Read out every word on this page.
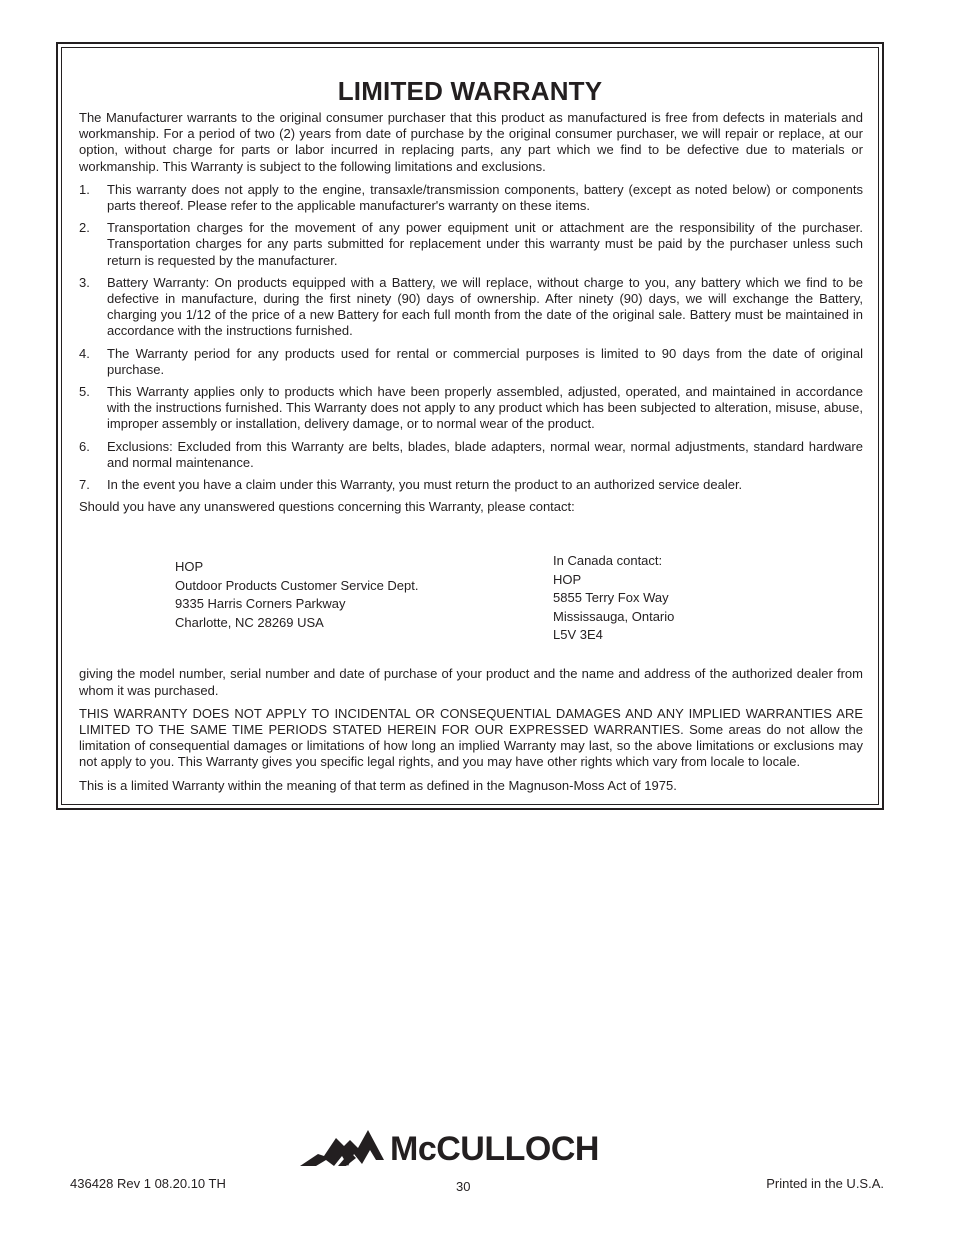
LIMITED WARRANTY

The Manufacturer warrants to the original consumer purchaser that this product as manufactured is free from defects in materials and workmanship. For a period of two (2) years from date of purchase by the original consumer purchaser, we will repair or replace, at our option, without charge for parts or labor incurred in replacing parts, any part which we find to be defective due to materials or workmanship. This Warranty is subject to the following limitations and exclusions.

1. This warranty does not apply to the engine, transaxle/transmission components, battery (except as noted below) or components parts thereof. Please refer to the applicable manufacturer's warranty on these items.
2. Transportation charges for the movement of any power equipment unit or attachment are the responsibility of the purchaser. Transportation charges for any parts submitted for replacement under this warranty must be paid by the purchaser unless such return is requested by the manufacturer.
3. Battery Warranty: On products equipped with a Battery, we will replace, without charge to you, any battery which we find to be defective in manufacture, during the first ninety (90) days of ownership. After ninety (90) days, we will exchange the Battery, charging you 1/12 of the price of a new Battery for each full month from the date of the original sale. Battery must be maintained in accordance with the instructions furnished.
4. The Warranty period for any products used for rental or commercial purposes is limited to 90 days from the date of original purchase.
5. This Warranty applies only to products which have been properly assembled, adjusted, operated, and maintained in accordance with the instructions furnished. This Warranty does not apply to any product which has been subjected to alteration, misuse, abuse, improper assembly or installation, delivery damage, or to normal wear of the product.
6. Exclusions: Excluded from this Warranty are belts, blades, blade adapters, normal wear, normal adjustments, standard hardware and normal maintenance.
7. In the event you have a claim under this Warranty, you must return the product to an authorized service dealer.

Should you have any unanswered questions concerning this Warranty, please contact:

HOP
Outdoor Products Customer Service Dept.
9335 Harris Corners Parkway
Charlotte, NC 28269 USA
In Canada contact:
HOP
5855 Terry Fox Way
Mississauga, Ontario
L5V 3E4

giving the model number, serial number and date of purchase of your product and the name and address of the authorized dealer from whom it was purchased.

THIS WARRANTY DOES NOT APPLY TO INCIDENTAL OR CONSEQUENTIAL DAMAGES AND ANY IMPLIED WARRANTIES ARE LIMITED TO THE SAME TIME PERIODS STATED HEREIN FOR OUR EXPRESSED WARRANTIES. Some areas do not allow the limitation of consequential damages or limitations of how long an implied Warranty may last, so the above limitations or exclusions may not apply to you. This Warranty gives you specific legal rights, and you may have other rights which vary from locale to locale.

This is a limited Warranty within the meaning of that term as defined in the Magnuson-Moss Act of 1975.

McCULLOCH
436428 Rev 1 08.20.10 TH	30	Printed in the U.S.A.
